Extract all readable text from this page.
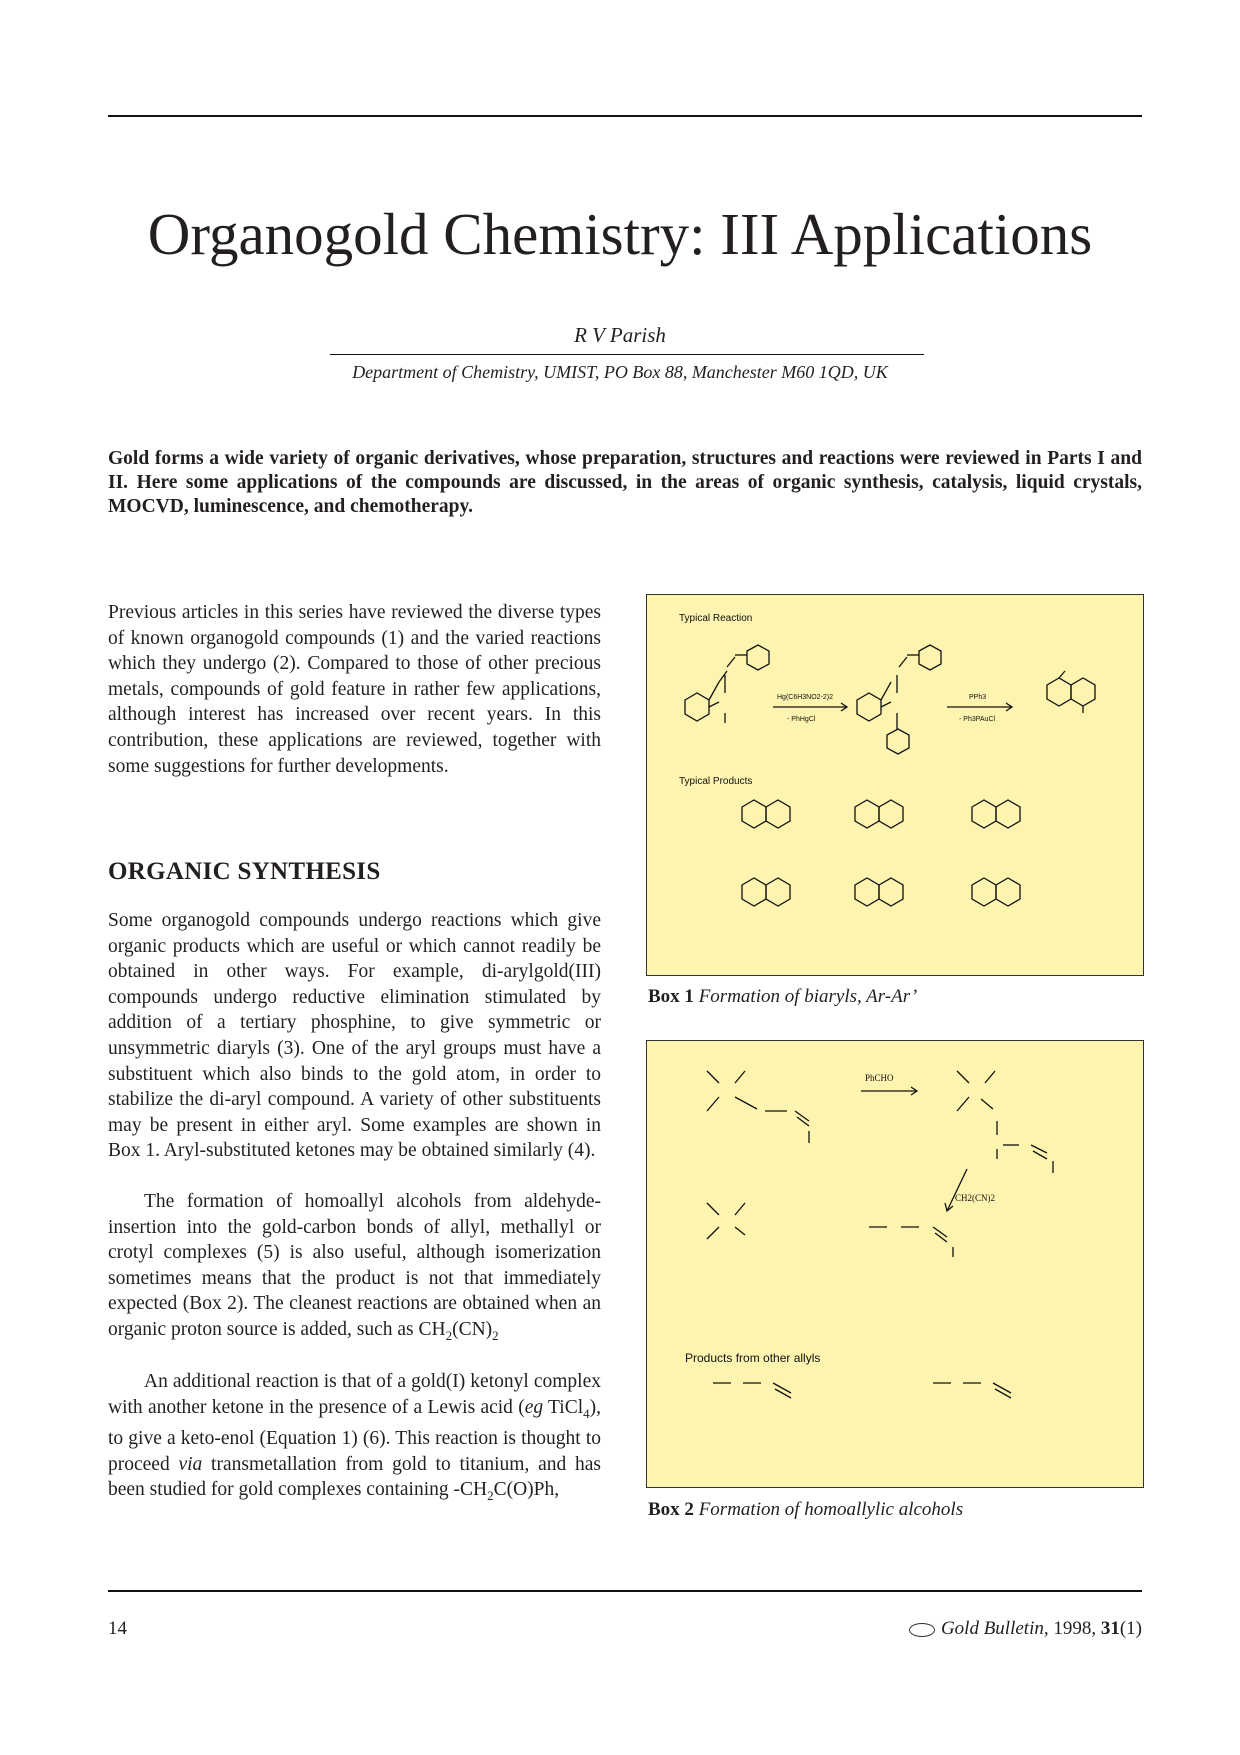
Organogold Chemistry: III Applications
R V Parish
Department of Chemistry, UMIST, PO Box 88, Manchester M60 1QD, UK

Gold forms a wide variety of organic derivatives, whose preparation, structures and reactions were reviewed in Parts I and II. Here some applications of the compounds are discussed, in the areas of organic synthesis, catalysis, liquid crystals, MOCVD, luminescence, and chemotherapy.

Previous articles in this series have reviewed the diverse types of known organogold compounds (1) and the varied reactions which they undergo (2). Compared to those of other precious metals, compounds of gold feature in rather few applications, although interest has increased over recent years. In this contribution, these applications are reviewed, together with some suggestions for further developments.

ORGANIC SYNTHESIS

Some organogold compounds undergo reactions which give organic products which are useful or which cannot readily be obtained in other ways. For example, di-arylgold(III) compounds undergo reductive elimination stimulated by addition of a tertiary phosphine, to give symmetric or unsymmetric diaryls (3). One of the aryl groups must have a substituent which also binds to the gold atom, in order to stabilize the di-aryl compound. A variety of other substituents may be present in either aryl. Some examples are shown in Box 1. Aryl-substituted ketones may be obtained similarly (4).

The formation of homoallyl alcohols from aldehyde-insertion into the gold-carbon bonds of allyl, methallyl or crotyl complexes (5) is also useful, although isomerization sometimes means that the product is not that immediately expected (Box 2). The cleanest reactions are obtained when an organic proton source is added, such as $CH_2(CN)_2$

An additional reaction is that of a gold(I) ketonyl complex with another ketone in the presence of a Lewis acid (eg TiCl$_4$), to give a keto-enol (Equation 1) (6). This reaction is thought to proceed via transmetallation from gold to titanium, and has been studied for gold complexes containing $-CH_2C(O)Ph$,

Typical Reaction
Typical Products
Hg(C6H3NO2-2)2
- PhHgCl
PPh3
- Ph3PAuCl
Box 1 Formation of biaryls, Ar-Ar’
PhCHO
CH2(CN)2
Products from other allyls
Box 2 Formation of homoallylic alcohols
14	Gold Bulletin, 1998, 31(1)
